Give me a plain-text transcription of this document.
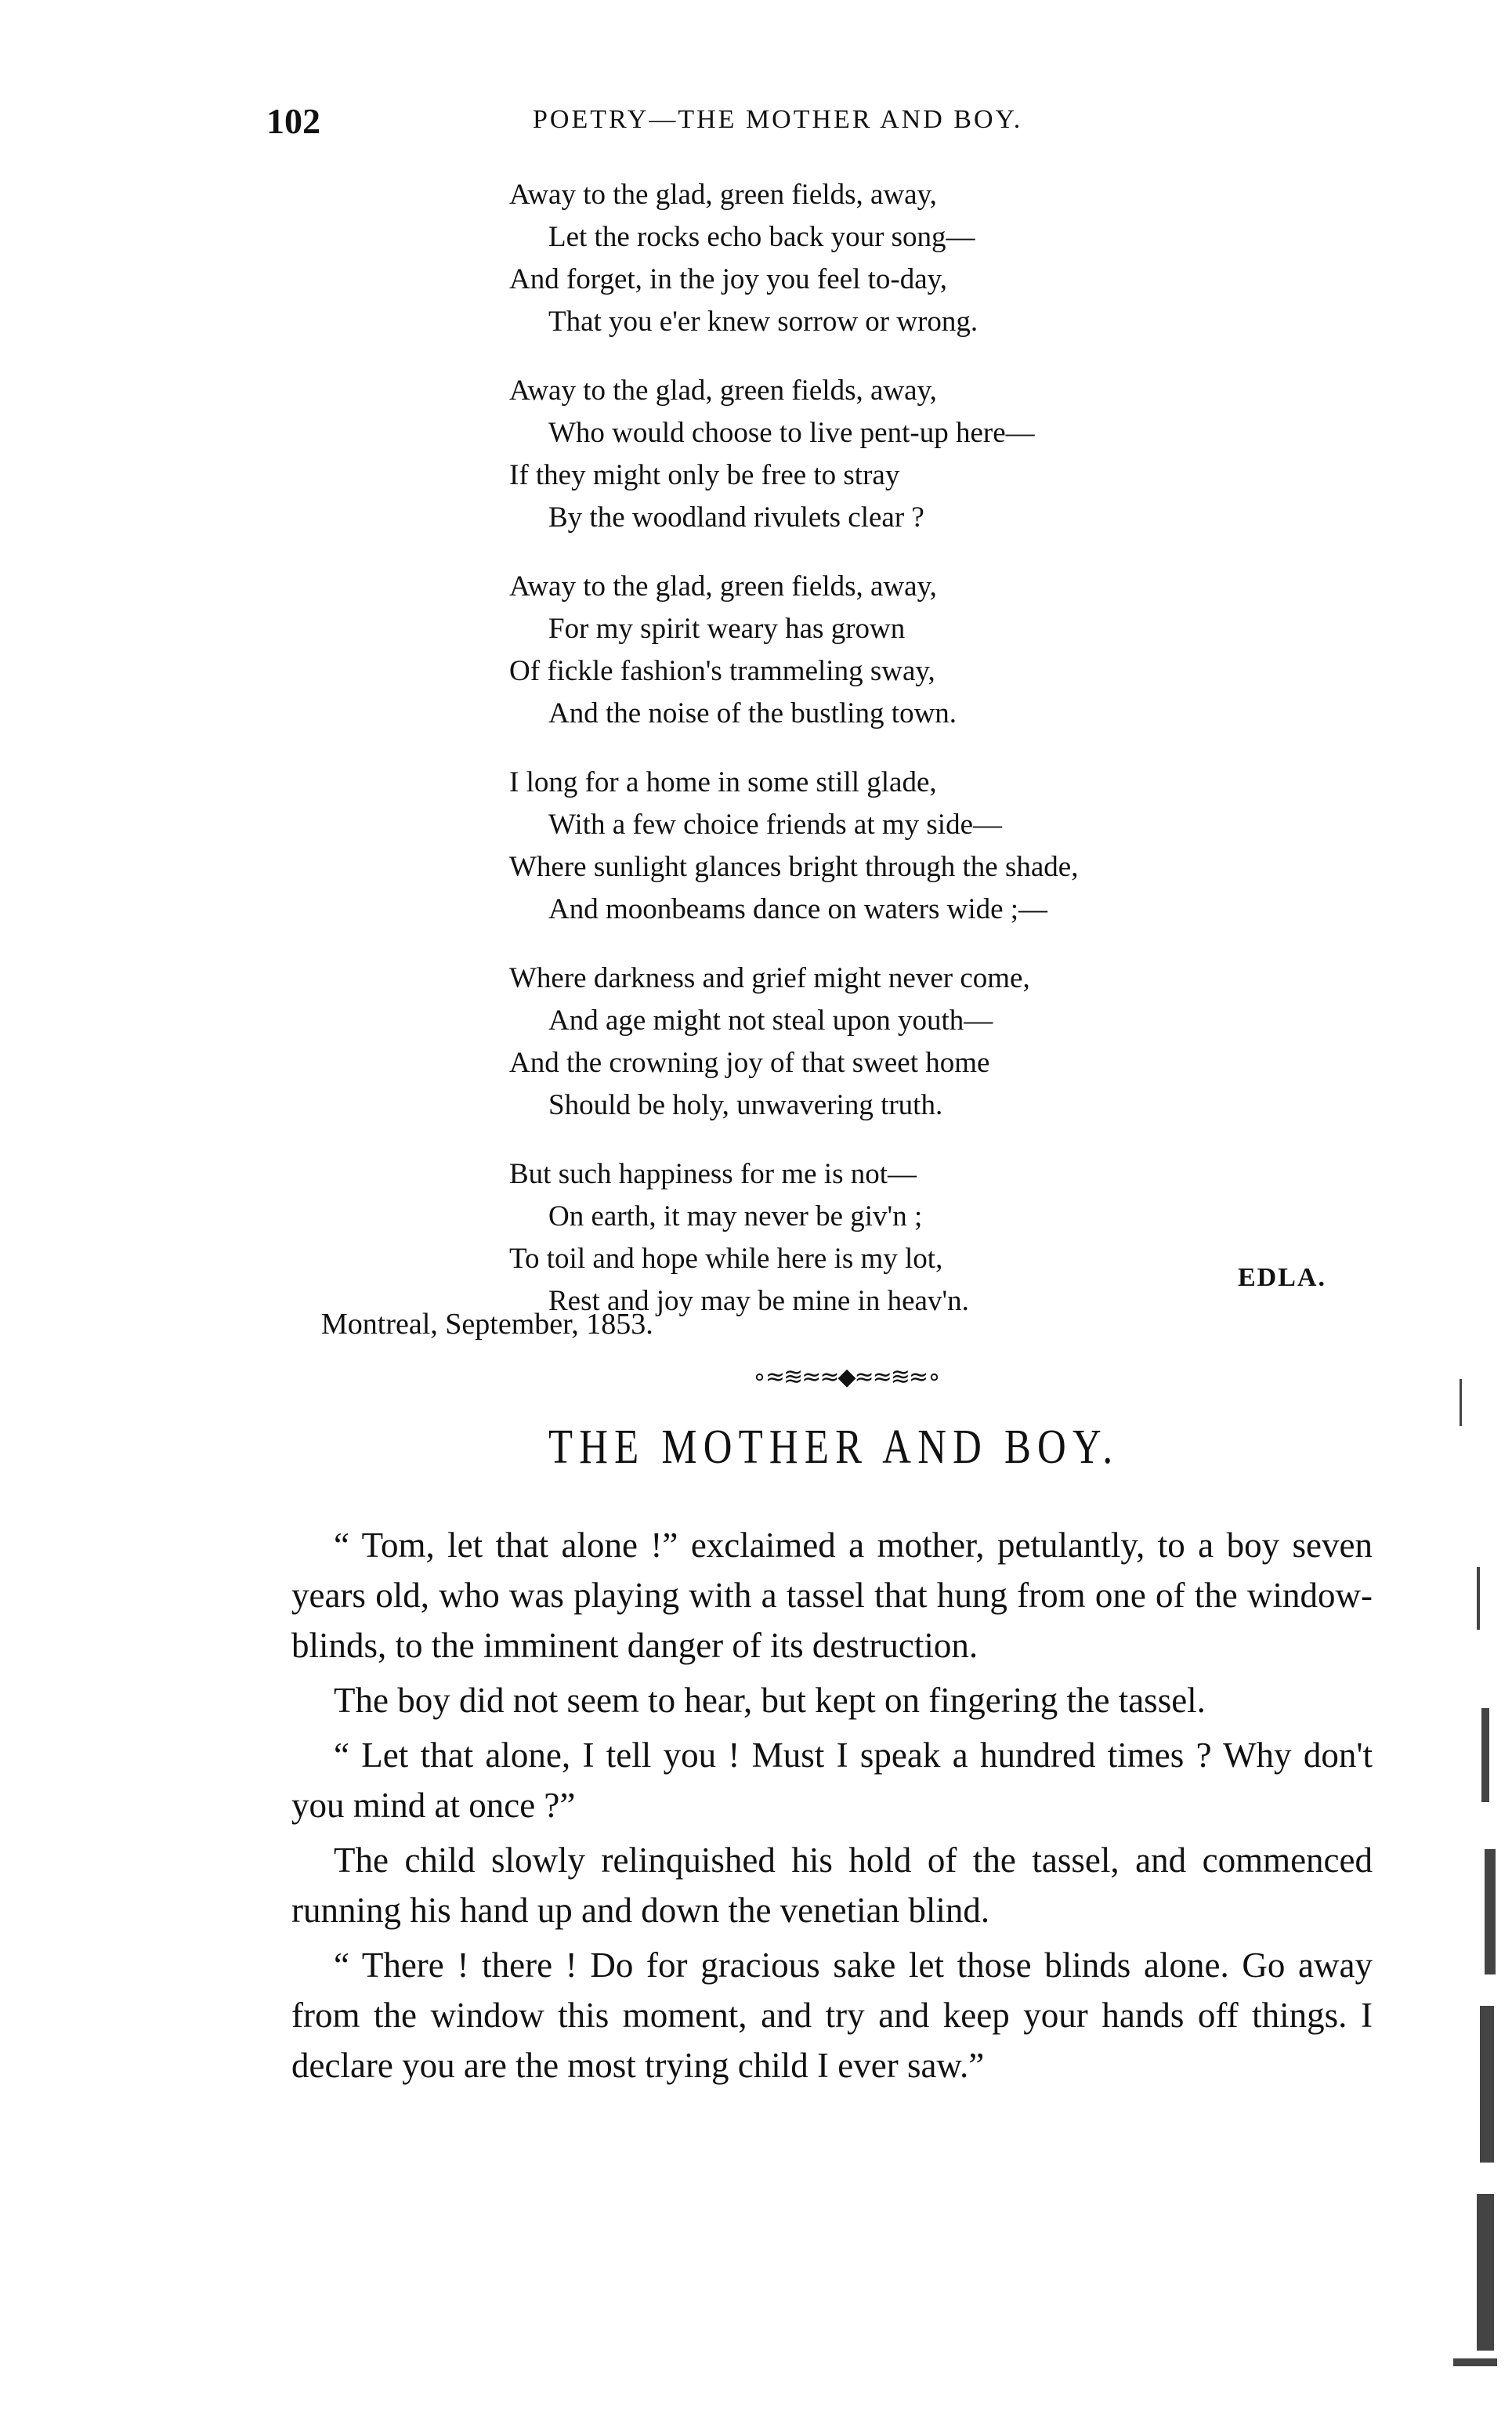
102	POETRY—THE MOTHER AND BOY.
Away to the glad, green fields, away,
Let the rocks echo back your song—
And forget, in the joy you feel to-day,
That you e'er knew sorrow or wrong.
Away to the glad, green fields, away,
Who would choose to live pent-up here—
If they might only be free to stray
By the woodland rivulets clear ?
Away to the glad, green fields, away,
For my spirit weary has grown
Of fickle fashion's trammeling sway,
And the noise of the bustling town.
I long for a home in some still glade,
With a few choice friends at my side—
Where sunlight glances bright through the shade,
And moonbeams dance on waters wide ;—
Where darkness and grief might never come,
And age might not steal upon youth—
And the crowning joy of that sweet home
Should be holy, unwavering truth.
But such happiness for me is not—
On earth, it may never be giv'n ;
To toil and hope while here is my lot,
Rest and joy may be mine in heav'n.
EDLA.
Montreal, September, 1853.
∘≈≋≈≈◆≈≈≋≈∘
THE MOTHER AND BOY.

“ Tom, let that alone !” exclaimed a mother, petulantly, to a boy seven years old, who was playing with a tassel that hung from one of the window-blinds, to the imminent danger of its destruction.

The boy did not seem to hear, but kept on fingering the tassel.

“ Let that alone, I tell you ! Must I speak a hundred times ? Why don't you mind at once ?”

The child slowly relinquished his hold of the tassel, and commenced running his hand up and down the venetian blind.

“ There ! there ! Do for gracious sake let those blinds alone. Go away from the window this moment, and try and keep your hands off things. I declare you are the most trying child I ever saw.”
